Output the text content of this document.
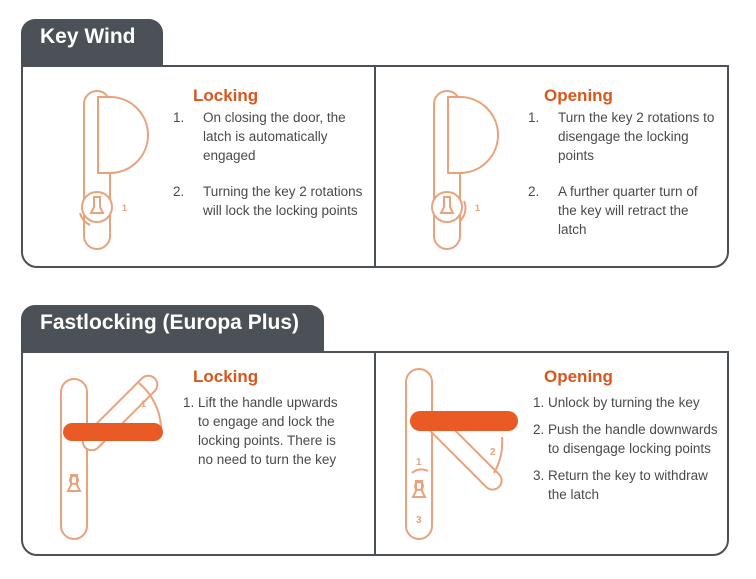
Key Wind
1
Locking
1. On closing the door, the latch is automatically engaged
2. Turning the key 2 rotations will lock the locking points	1
Opening
1. Turn the key 2 rotations to disengage the locking points
2. A further quarter turn of the key will retract the latch
Fastlocking (Europa Plus)
1
Locking
1. Lift the handle upwards to engage and lock the locking points. There is no need to turn the key	1
2
3
Opening
1. Unlock by turning the key
2. Push the handle downwards to disengage locking points
3. Return the key to withdraw the latch
